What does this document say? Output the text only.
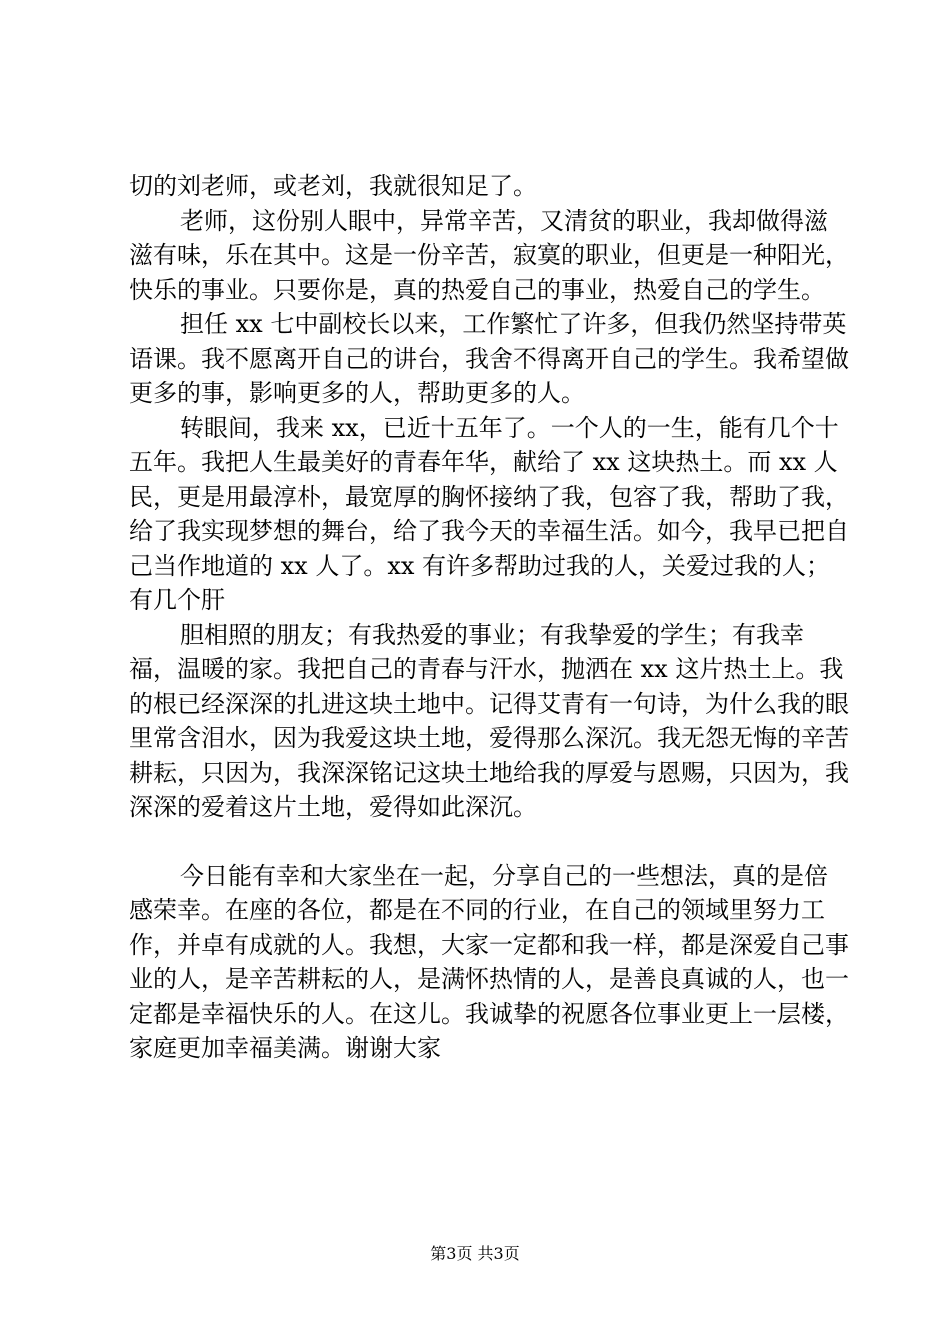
切的刘老师，或老刘，我就很知足了。

老师，这份别人眼中，异常辛苦，又清贫的职业，我却做得滋滋有味，乐在其中。这是一份辛苦，寂寞的职业，但更是一种阳光，快乐的事业。只要你是，真的热爱自己的事业，热爱自己的学生。

担任 xx 七中副校长以来，工作繁忙了许多，但我仍然坚持带英语课。我不愿离开自己的讲台，我舍不得离开自己的学生。我希望做更多的事，影响更多的人，帮助更多的人。

转眼间，我来 xx，已近十五年了。一个人的一生，能有几个十五年。我把人生最美好的青春年华，献给了 xx 这块热土。而 xx 人民，更是用最淳朴，最宽厚的胸怀接纳了我，包容了我，帮助了我，给了我实现梦想的舞台，给了我今天的幸福生活。如今，我早已把自己当作地道的 xx 人了。xx 有许多帮助过我的人，关爱过我的人；有几个肝

胆相照的朋友；有我热爱的事业；有我挚爱的学生；有我幸福，温暖的家。我把自己的青春与汗水，抛洒在 xx 这片热土上。我的根已经深深的扎进这块土地中。记得艾青有一句诗，为什么我的眼里常含泪水，因为我爱这块土地，爱得那么深沉。我无怨无悔的辛苦耕耘，只因为，我深深铭记这块土地给我的厚爱与恩赐，只因为，我深深的爱着这片土地，爱得如此深沉。

今日能有幸和大家坐在一起，分享自己的一些想法，真的是倍感荣幸。在座的各位，都是在不同的行业，在自己的领域里努力工作，并卓有成就的人。我想，大家一定都和我一样，都是深爱自己事业的人，是辛苦耕耘的人，是满怀热情的人，是善良真诚的人，也一定都是幸福快乐的人。在这儿。我诚挚的祝愿各位事业更上一层楼，家庭更加幸福美满。谢谢大家

第3页 共3页
